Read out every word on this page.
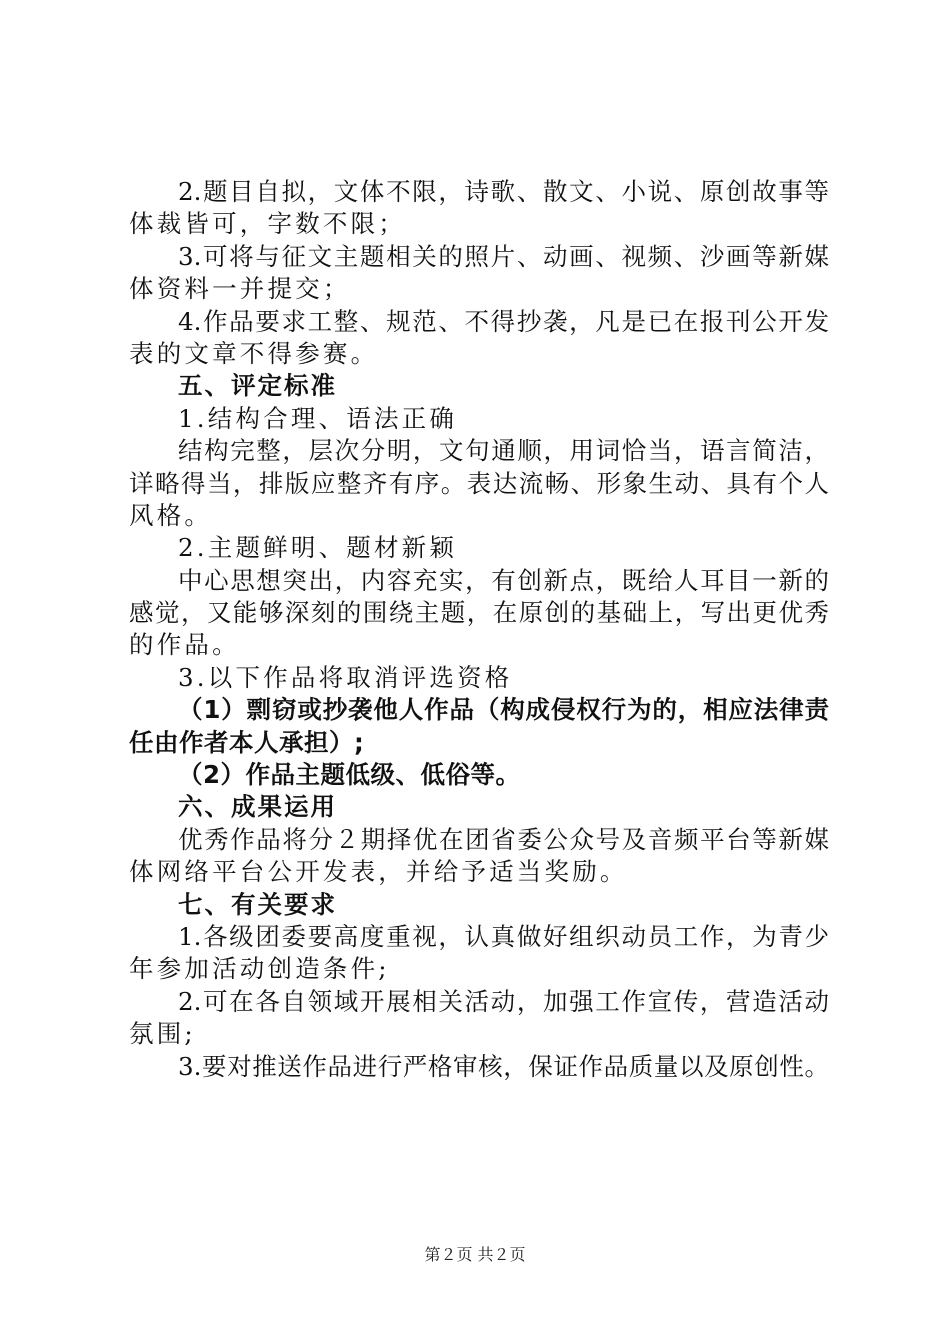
2.题目自拟，文体不限，诗歌、散文、小说、原创故事等
体裁皆可，字数不限；
3.可将与征文主题相关的照片、动画、视频、沙画等新媒
体资料一并提交；
4.作品要求工整、规范、不得抄袭，凡是已在报刊公开发
表的文章不得参赛。
五、评定标准
1.结构合理、语法正确
结构完整，层次分明，文句通顺，用词恰当，语言简洁，
详略得当，排版应整齐有序。表达流畅、形象生动、具有个人
风格。
2.主题鲜明、题材新颖
中心思想突出，内容充实，有创新点，既给人耳目一新的
感觉，又能够深刻的围绕主题，在原创的基础上，写出更优秀
的作品。
3.以下作品将取消评选资格
（1）剽窃或抄袭他人作品（构成侵权行为的，相应法律责
任由作者本人承担）;
（2）作品主题低级、低俗等。
六、成果运用
优秀作品将分２期择优在团省委公众号及音频平台等新媒
体网络平台公开发表，并给予适当奖励。
七、有关要求
1.各级团委要高度重视，认真做好组织动员工作，为青少
年参加活动创造条件;
2.可在各自领域开展相关活动，加强工作宣传，营造活动
氛围;
3.要对推送作品进行严格审核，保证作品质量以及原创性。
第２页 共２页
